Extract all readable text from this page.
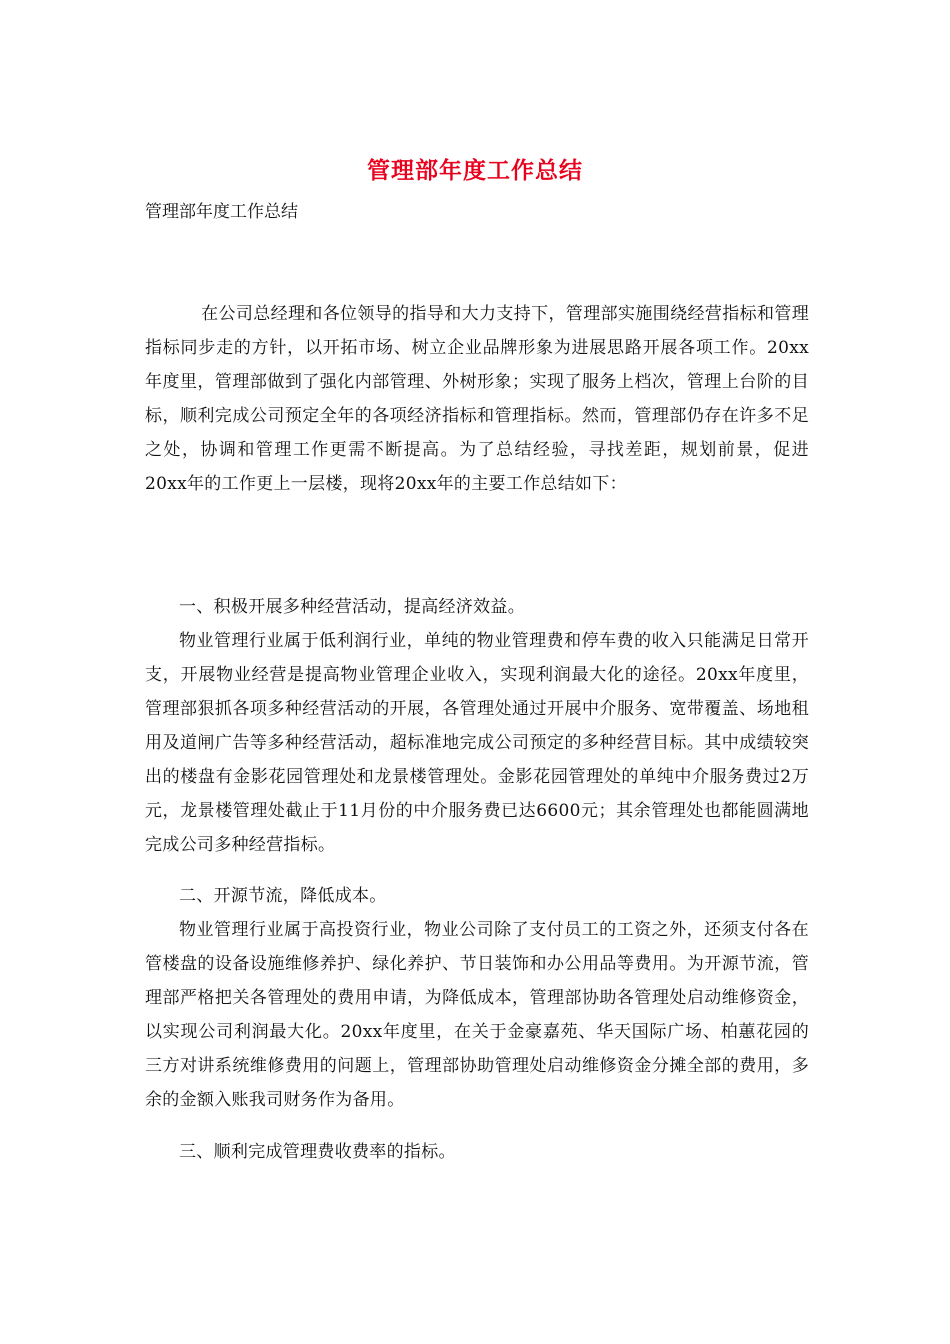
管理部年度工作总结
管理部年度工作总结

在公司总经理和各位领导的指导和大力支持下，管理部实施围绕经营指标和管理指标同步走的方针，以开拓市场、树立企业品牌形象为进展思路开展各项工作。20xx年度里，管理部做到了强化内部管理、外树形象；实现了服务上档次，管理上台阶的目标，顺利完成公司预定全年的各项经济指标和管理指标。然而，管理部仍存在许多不足之处，协调和管理工作更需不断提高。为了总结经验，寻找差距，规划前景，促进20xx年的工作更上一层楼，现将20xx年的主要工作总结如下：

一、积极开展多种经营活动，提高经济效益。

物业管理行业属于低利润行业，单纯的物业管理费和停车费的收入只能满足日常开支，开展物业经营是提高物业管理企业收入，实现利润最大化的途径。20xx年度里，管理部狠抓各项多种经营活动的开展，各管理处通过开展中介服务、宽带覆盖、场地租用及道闸广告等多种经营活动，超标准地完成公司预定的多种经营目标。其中成绩较突出的楼盘有金影花园管理处和龙景楼管理处。金影花园管理处的单纯中介服务费过2万元，龙景楼管理处截止于11月份的中介服务费已达6600元；其余管理处也都能圆满地完成公司多种经营指标。

二、开源节流，降低成本。

物业管理行业属于高投资行业，物业公司除了支付员工的工资之外，还须支付各在管楼盘的设备设施维修养护、绿化养护、节日装饰和办公用品等费用。为开源节流，管理部严格把关各管理处的费用申请，为降低成本，管理部协助各管理处启动维修资金，以实现公司利润最大化。20xx年度里，在关于金豪嘉苑、华天国际广场、柏蕙花园的三方对讲系统维修费用的问题上，管理部协助管理处启动维修资金分摊全部的费用，多余的金额入账我司财务作为备用。

三、顺利完成管理费收费率的指标。
